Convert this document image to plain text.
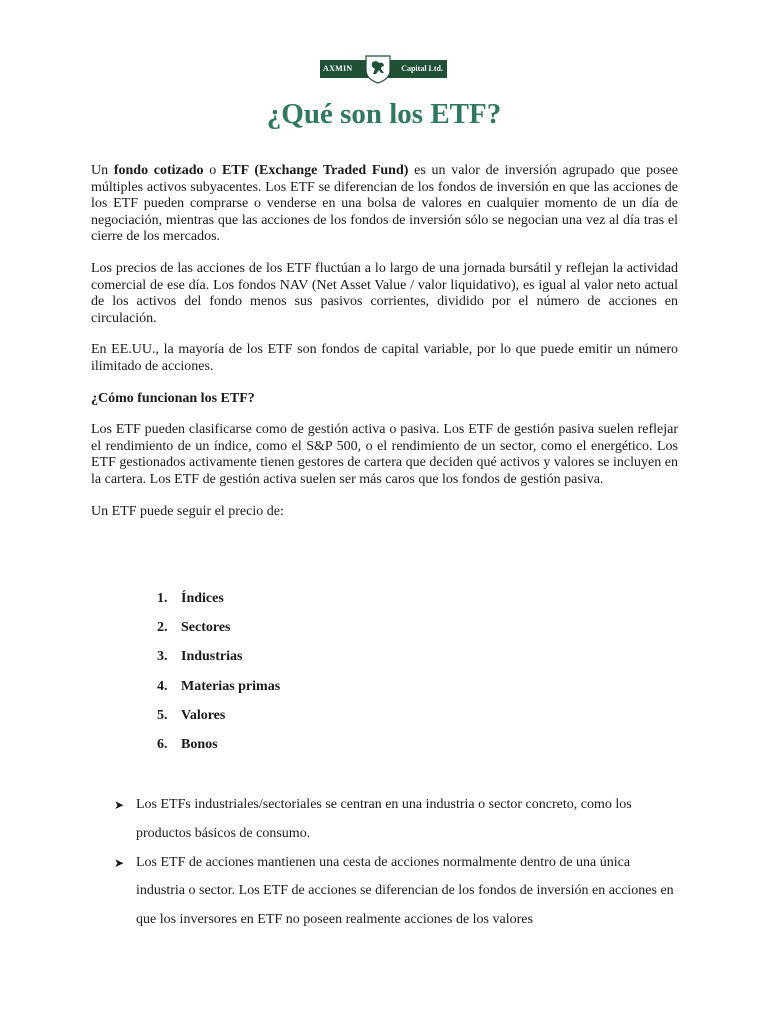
AXMIN	Capital Ltd.
¿Qué son los ETF?

Un fondo cotizado o ETF (Exchange Traded Fund) es un valor de inversión agrupado que posee múltiples activos subyacentes. Los ETF se diferencian de los fondos de inversión en que las acciones de los ETF pueden comprarse o venderse en una bolsa de valores en cualquier momento de un día de negociación, mientras que las acciones de los fondos de inversión sólo se negocian una vez al día tras el cierre de los mercados.

Los precios de las acciones de los ETF fluctúan a lo largo de una jornada bursátil y reflejan la actividad comercial de ese día. Los fondos NAV (Net Asset Value / valor liquidativo), es igual al valor neto actual de los activos del fondo menos sus pasivos corrientes, dividido por el número de acciones en circulación.

En EE.UU., la mayoría de los ETF son fondos de capital variable, por lo que puede emitir un número ilimitado de acciones.

¿Cómo funcionan los ETF?

Los ETF pueden clasificarse como de gestión activa o pasiva. Los ETF de gestión pasiva suelen reflejar el rendimiento de un índice, como el S&P 500, o el rendimiento de un sector, como el energético. Los ETF gestionados activamente tienen gestores de cartera que deciden qué activos y valores se incluyen en la cartera. Los ETF de gestión activa suelen ser más caros que los fondos de gestión pasiva.

Un ETF puede seguir el precio de:

1. Índices
2. Sectores
3. Industrias
4. Materias primas
5. Valores
6. Bonos
➤ Los ETFs industriales/sectoriales se centran en una industria o sector concreto, como los productos básicos de consumo.
➤ Los ETF de acciones mantienen una cesta de acciones normalmente dentro de una única industria o sector. Los ETF de acciones se diferencian de los fondos de inversión en acciones en que los inversores en ETF no poseen realmente acciones de los valores
